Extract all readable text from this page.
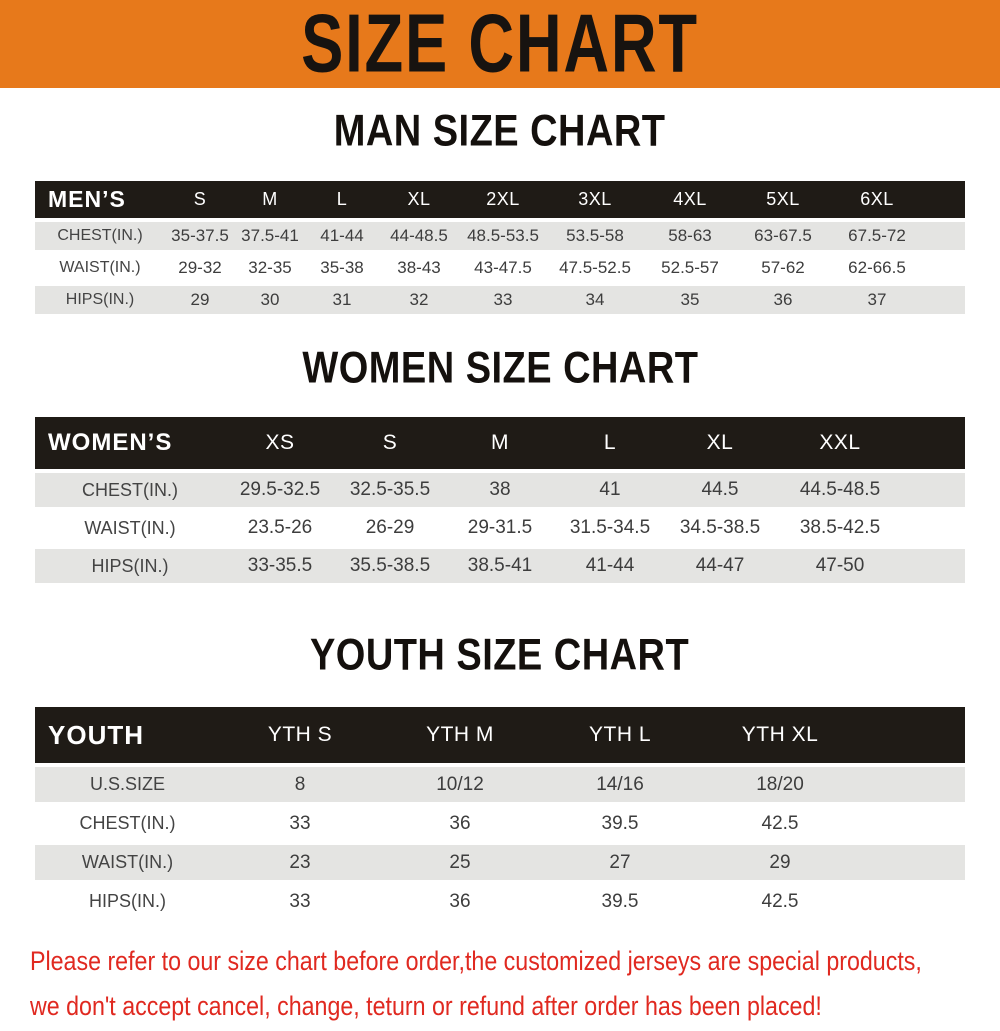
SIZE CHART
MAN SIZE CHART
MEN’S	S	M	L	XL	2XL	3XL	4XL	5XL	6XL
CHEST(IN.)	35-37.5	37.5-41	41-44	44-48.5	48.5-53.5	53.5-58	58-63	63-67.5	67.5-72
WAIST(IN.)	29-32	32-35	35-38	38-43	43-47.5	47.5-52.5	52.5-57	57-62	62-66.5
HIPS(IN.)	29	30	31	32	33	34	35	36	37
WOMEN SIZE CHART
WOMEN’S	XS	S	M	L	XL	XXL
CHEST(IN.)	29.5-32.5	32.5-35.5	38	41	44.5	44.5-48.5
WAIST(IN.)	23.5-26	26-29	29-31.5	31.5-34.5	34.5-38.5	38.5-42.5
HIPS(IN.)	33-35.5	35.5-38.5	38.5-41	41-44	44-47	47-50
YOUTH SIZE CHART
YOUTH	YTH S	YTH M	YTH L	YTH XL
U.S.SIZE	8	10/12	14/16	18/20
CHEST(IN.)	33	36	39.5	42.5
WAIST(IN.)	23	25	27	29
HIPS(IN.)	33	36	39.5	42.5

Please refer to our size chart before order,the customized jerseys are special products,

we don't accept cancel, change, teturn or refund after order has been placed!
